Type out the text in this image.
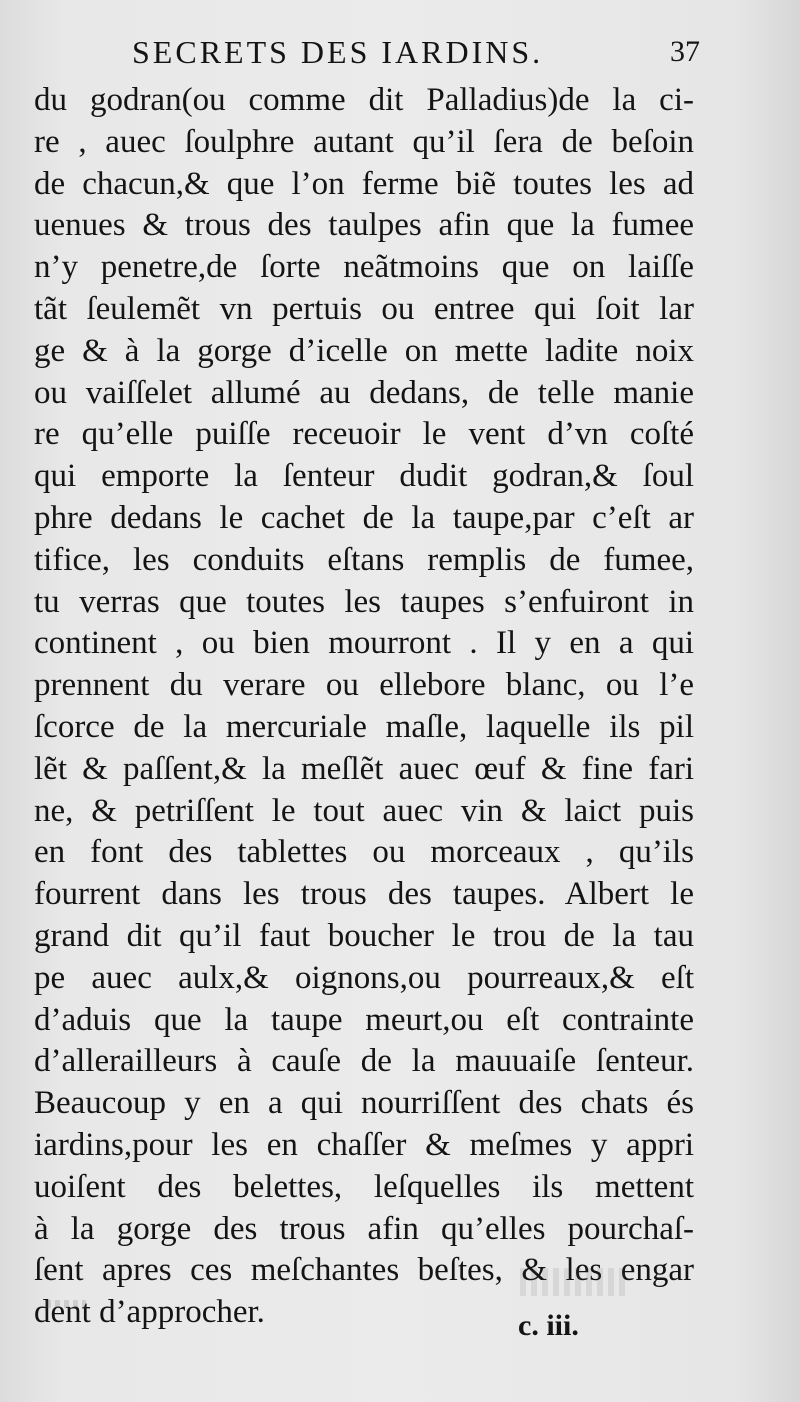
SECRETS DES IARDINS.	37
du godran(ou comme dit Palladius)de la ci-
re , auec ſoulphre autant qu’il ſera de beſoin
de chacun,& que l’on ferme biẽ toutes les ad
uenues & trous des taulpes afin que la fumee
n’y penetre,de ſorte neãtmoins que on laiſſe
tãt ſeulemẽt vn pertuis ou entree qui ſoit lar
ge & à la gorge d’icelle on mette ladite noix
ou vaiſſelet allumé au dedans, de telle manie
re qu’elle puiſſe receuoir le vent d’vn coſté
qui emporte la ſenteur dudit godran,& ſoul
phre dedans le cachet de la taupe,par c’eſt ar
tifice, les conduits eſtans remplis de fumee,
tu verras que toutes les taupes s’enfuiront in
continent , ou bien mourront . Il y en a qui
prennent du verare ou ellebore blanc, ou l’e
ſcorce de la mercuriale maſle, laquelle ils pil
lẽt & paſſent,& la meſlẽt auec œuf & fine fari
ne, & petriſſent le tout auec vin & laict puis
en font des tablettes ou morceaux , qu’ils
fourrent dans les trous des taupes. Albert le
grand dit qu’il faut boucher le trou de la tau
pe auec aulx,& oignons,ou pourreaux,& eſt
d’aduis que la taupe meurt,ou eſt contrainte
d’allerailleurs à cauſe de la mauuaiſe ſenteur.
Beaucoup y en a qui nourriſſent des chats és
iardins,pour les en chaſſer & meſmes y appri
uoiſent des belettes, leſquelles ils mettent
à la gorge des trous afin qu’elles pourchaſ-
ſent apres ces meſchantes beſtes, & les engar
dent d’approcher.	c. iii.
